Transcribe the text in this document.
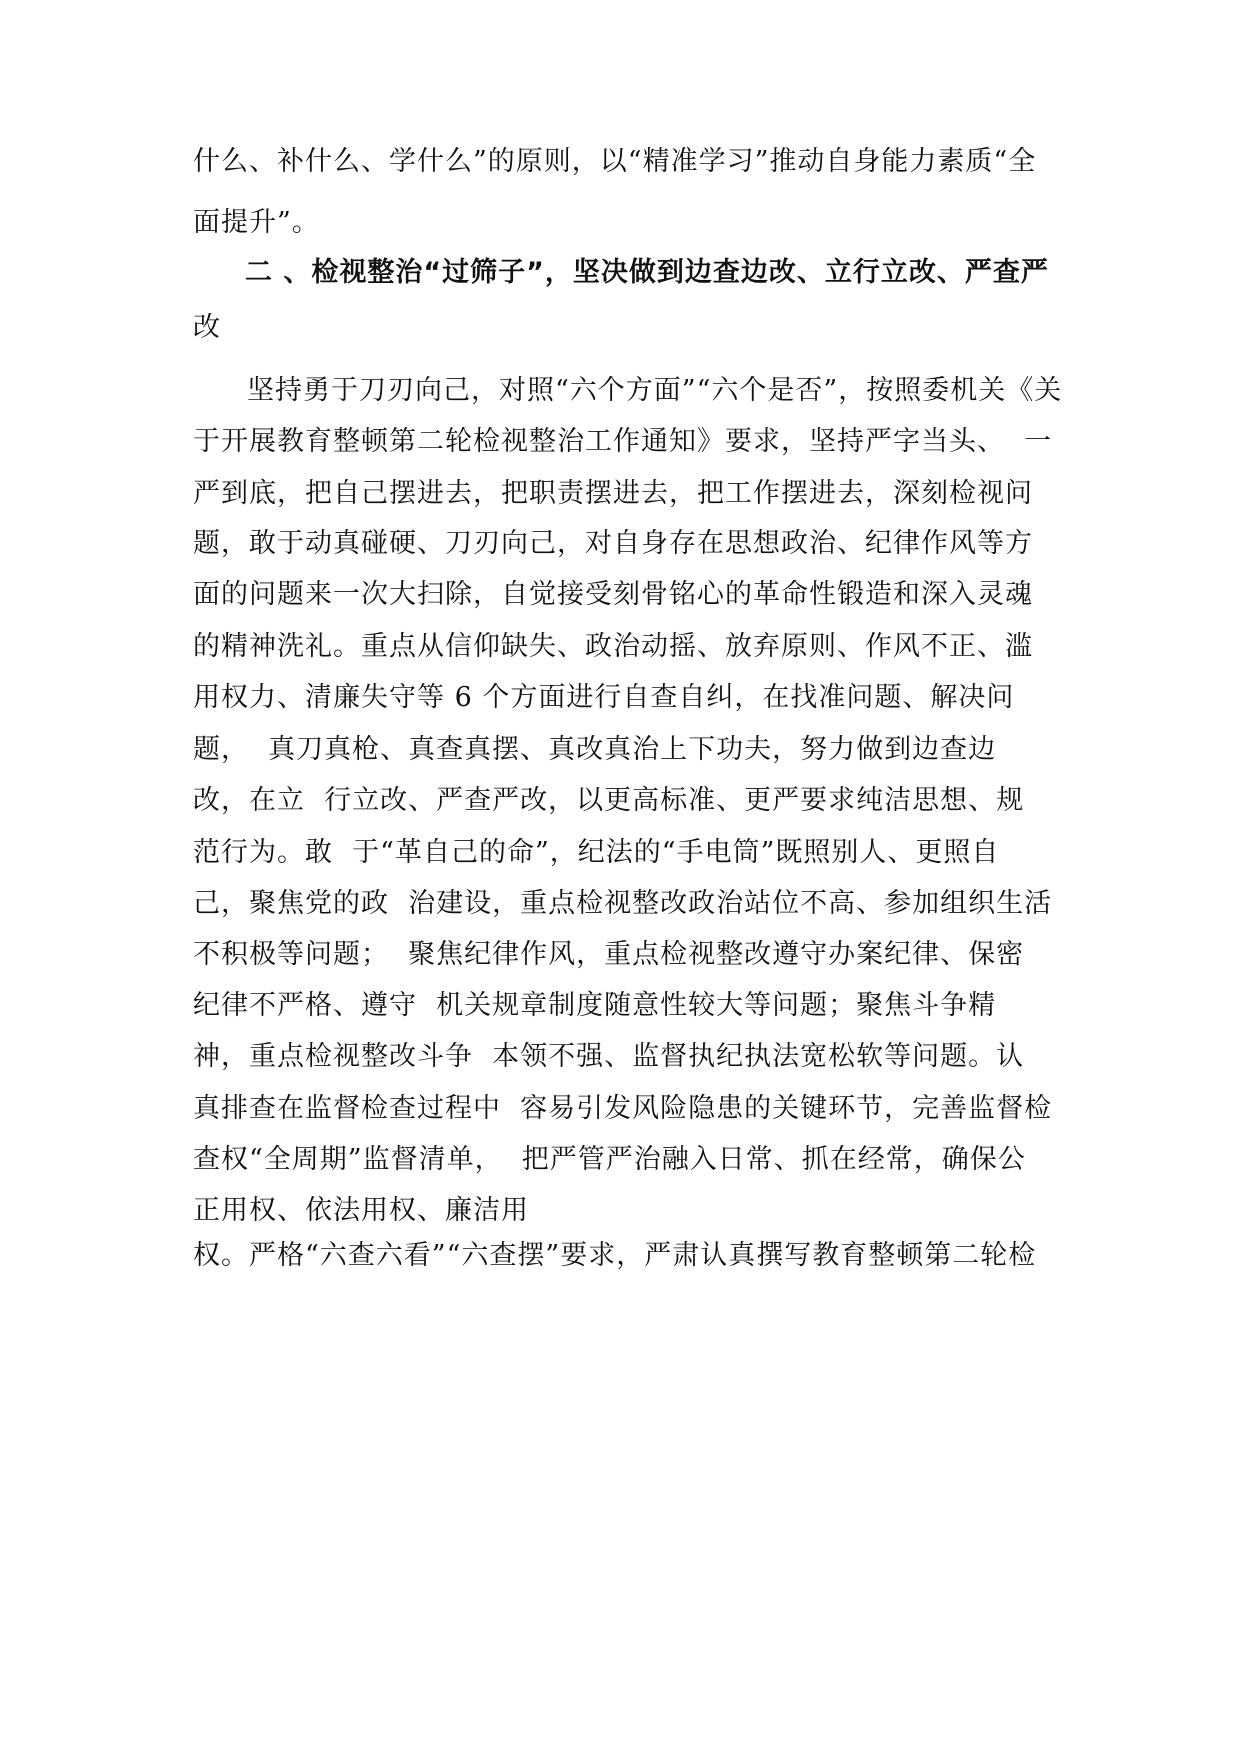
什么、补什么、学什么”的原则，以“精准学习”推动自身能力素质“全
面提升”。
二 、检视整治“过筛子”，坚决做到边查边改、立行立改、严查严
改
坚持勇于刀刃向己，对照“六个方面”“六个是否”，按照委机关《关
于开展教育整顿第二轮检视整治工作通知》要求，坚持严字当头、  一
严到底，把自己摆进去，把职责摆进去，把工作摆进去，深刻检视问
题，敢于动真碰硬、刀刃向己，对自身存在思想政治、纪律作风等方
面的问题来一次大扫除，自觉接受刻骨铭心的革命性锻造和深入灵魂
的精神洗礼。重点从信仰缺失、政治动摇、放弃原则、作风不正、滥
用权力、清廉失守等 6 个方面进行自查自纠，在找准问题、解决问
题，  真刀真枪、真查真摆、真改真治上下功夫，努力做到边查边
改，在立  行立改、严查严改，以更高标准、更严要求纯洁思想、规
范行为。敢  于“革自己的命”，纪法的“手电筒”既照别人、更照自
己，聚焦党的政  治建设，重点检视整改政治站位不高、参加组织生活
不积极等问题；  聚焦纪律作风，重点检视整改遵守办案纪律、保密
纪律不严格、遵守  机关规章制度随意性较大等问题；聚焦斗争精
神，重点检视整改斗争  本领不强、监督执纪执法宽松软等问题。认
真排查在监督检查过程中  容易引发风险隐患的关键环节，完善监督检
查权“全周期”监督清单，  把严管严治融入日常、抓在经常，确保公
正用权、依法用权、廉洁用
权。严格“六查六看”“六查摆”要求，严肃认真撰写教育整顿第二轮检
